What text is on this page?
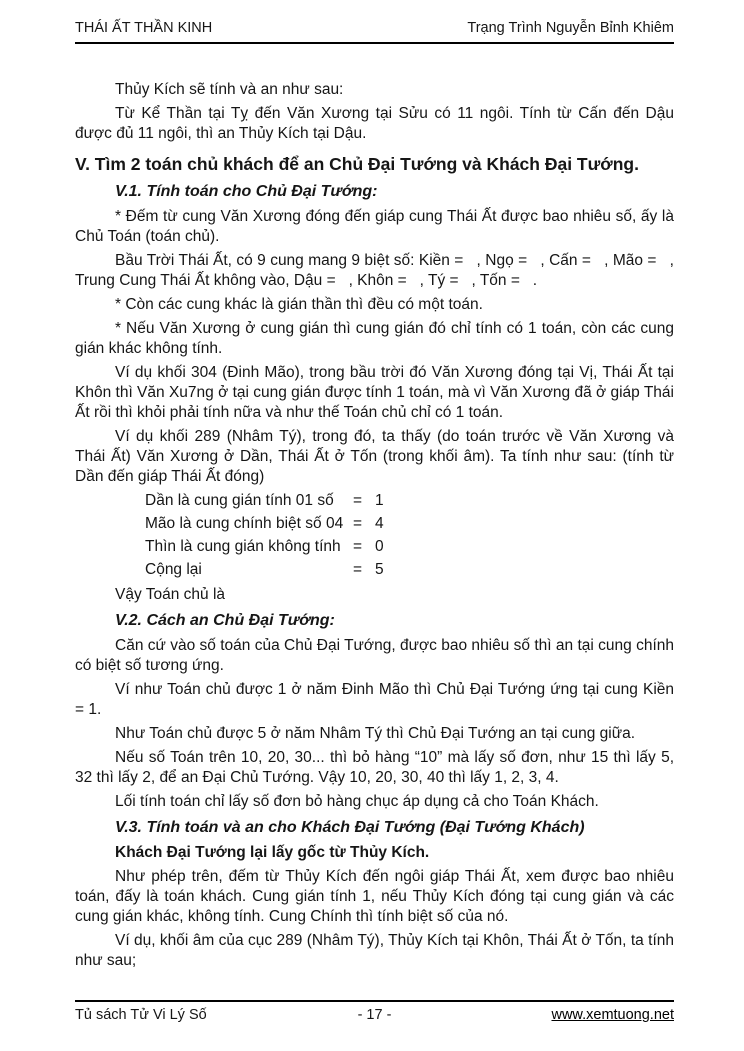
THÁI ẤT THẦN KINH	Trạng Trình Nguyễn Bỉnh Khiêm

Thủy Kích sẽ tính và an như sau:

Từ Kể Thần tại Tỵ đến Văn Xương tại Sửu có 11 ngôi. Tính từ Cấn đến Dậu được đủ 11 ngôi, thì an Thủy Kích tại Dậu.

V. Tìm 2 toán chủ khách để an Chủ Đại Tướng và Khách Đại Tướng.
V.1. Tính toán cho Chủ Đại Tướng:

* Đếm từ cung Văn Xương đóng đến giáp cung Thái Ất được bao nhiêu số, ấy là Chủ Toán (toán chủ).

Bầu Trời Thái Ất, có 9 cung mang 9 biệt số: Kiền =   , Ngọ =   , Cấn =   , Mão =   , Trung Cung Thái Ất không vào, Dậu =   , Khôn =   , Tý =   , Tốn =   .

* Còn các cung khác là gián thần thì đều có một toán.

* Nếu Văn Xương ở cung gián thì cung gián đó chỉ tính có 1 toán, còn các cung gián khác không tính.

Ví dụ khối 304 (Đinh Mão), trong bầu trời đó Văn Xương đóng tại Vị, Thái Ất tại Khôn thì Văn Xu7ng ở tại cung gián được tính 1 toán, mà vì Văn Xương đã ở giáp Thái Ất rồi thì khỏi phải tính nữa và như thế Toán chủ chỉ có 1 toán.

Ví dụ khối 289 (Nhâm Tý), trong đó, ta thấy (do toán trước về Văn Xương và Thái Ất) Văn Xương ở Dần, Thái Ất ở Tốn (trong khối âm). Ta tính như sau: (tính từ Dần đến giáp Thái Ất đóng)

Dần là cung gián tính 01 số	= 1
Mão là cung chính biệt số 04 = 4
Thìn là cung gián không tính = 0
Cộng lại	= 5

Vậy Toán chủ là

V.2. Cách an Chủ Đại Tướng:

Căn cứ vào số toán của Chủ Đại Tướng, được bao nhiêu số thì an tại cung chính có biệt số tương ứng.

Ví như Toán chủ được 1 ở năm Đinh Mão thì Chủ Đại Tướng ứng tại cung Kiền = 1.

Như Toán chủ được 5 ở năm Nhâm Tý thì Chủ Đại Tướng an tại cung giữa.

Nếu số Toán trên 10, 20, 30... thì bỏ hàng “10” mà lấy số đơn, như 15 thì lấy 5, 32 thì lấy 2, để an Đại Chủ Tướng. Vậy 10, 20, 30, 40 thì lấy 1, 2, 3, 4.

Lối tính toán chỉ lấy số đơn bỏ hàng chục áp dụng cả cho Toán Khách.

V.3. Tính toán và an cho Khách Đại Tướng (Đại Tướng Khách)

Khách Đại Tướng lại lấy gốc từ Thủy Kích.

Như phép trên, đếm từ Thủy Kích đến ngôi giáp Thái Ất, xem được bao nhiêu toán, đấy là toán khách. Cung gián tính 1, nếu Thủy Kích đóng tại cung gián và các cung gián khác, không tính. Cung Chính thì tính biệt số của nó.

Ví dụ, khối âm của cục 289 (Nhâm Tý), Thủy Kích tại Khôn, Thái Ất ở Tốn, ta tính như sau;

Tủ sách Tử Vi Lý Số	- 17 -	www.xemtuong.net
